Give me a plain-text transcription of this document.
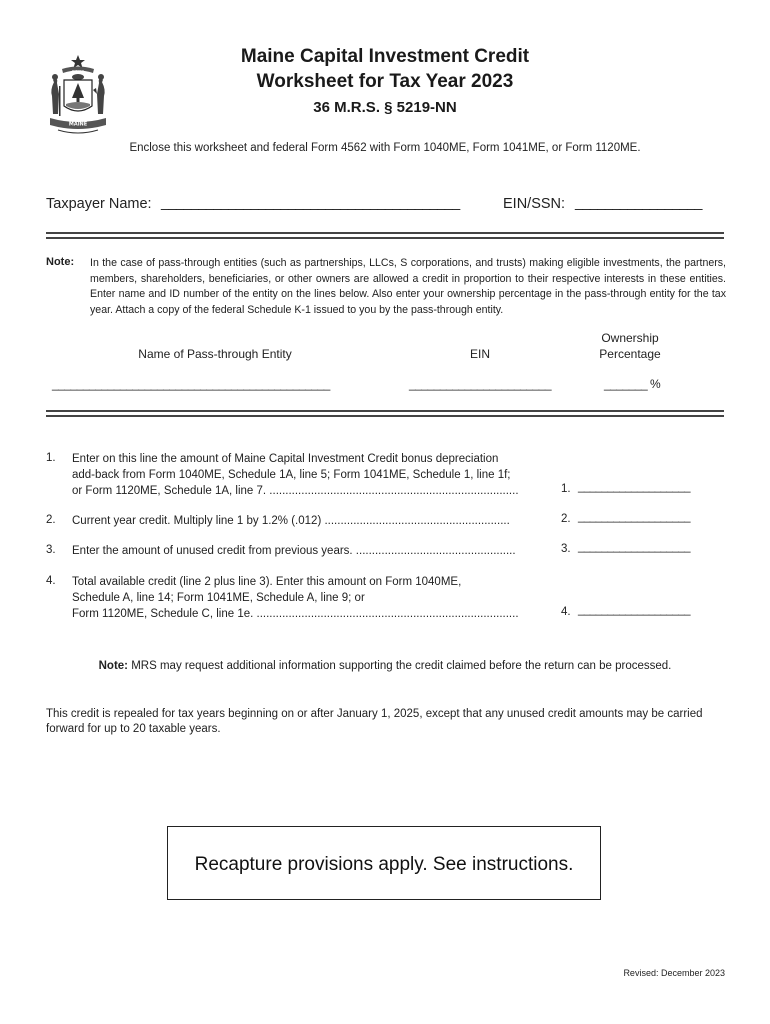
DIRIGO
MAINE
Maine Capital Investment Credit
Worksheet for Tax Year 2023
36 M.R.S. § 5219-NN
Enclose this worksheet and federal Form 4562 with Form 1040ME, Form 1041ME, or Form 1120ME.
Taxpayer Name: ________________________________________	EIN/SSN: _________________
Note: In the case of pass-through entities (such as partnerships, LLCs, S corporations, and trusts) making eligible investments, the partners, members, shareholders, beneficiaries, or other owners are allowed a credit in proportion to their respective interests in these entities. Enter name and ID number of the entity on the lines below. Also enter your ownership percentage in the pass-through entity for the tax year. Attach a copy of the federal Schedule K-1 issued to you by the pass-through entity.
Name of Pass-through Entity	EIN
Ownership
Percentage
_____________________________________________	_______________________	_______ %
1. Enter on this line the amount of Maine Capital Investment Credit bonus depreciation
add-back from Form 1040ME, Schedule 1A, line 5; Form 1041ME, Schedule 1, line 1f;
or Form 1120ME, Schedule 1A, line 7. ..............................................................................	1. ___________________
2. Current year credit. Multiply line 1 by 1.2% (.012) ..........................................................	2. ___________________
3. Enter the amount of unused credit from previous years. ..................................................	3. ___________________
4. Total available credit (line 2 plus line 3). Enter this amount on Form 1040ME,
Schedule A, line 14; Form 1041ME, Schedule A, line 9; or
Form 1120ME, Schedule C, line 1e. ..................................................................................	4. ___________________
Note: MRS may request additional information supporting the credit claimed before the return can be processed.
This credit is repealed for tax years beginning on or after January 1, 2025, except that any unused credit amounts may be carried forward for up to 20 taxable years.
Recapture provisions apply. See instructions.
Revised: December 2023
